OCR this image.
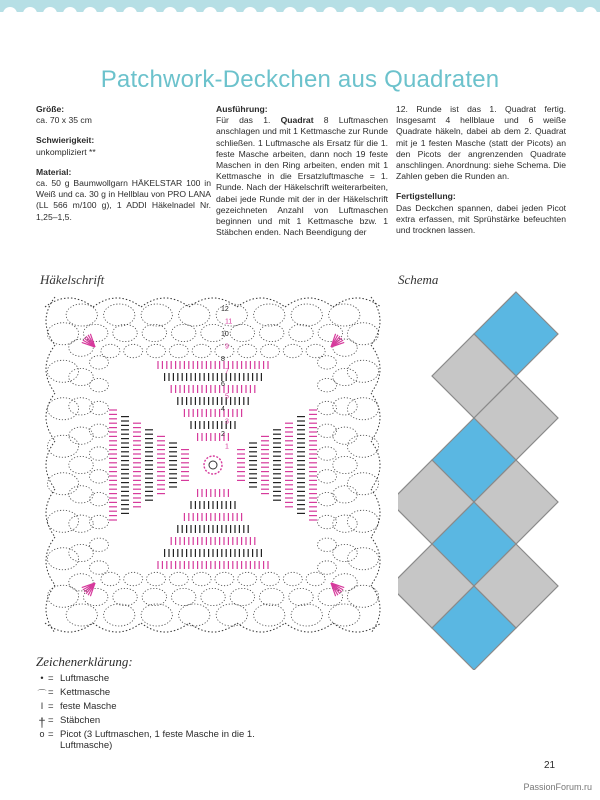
Patchwork-Deckchen aus Quadraten
Größe:
ca. 70 x 35 cm
Schwierigkeit:
unkompliziert **
Material:
ca. 50 g Baumwollgarn HÄKELSTAR 100 in Weiß und ca. 30 g in Hellblau von PRO LANA (LL 566 m/100 g), 1 ADDI Häkelnadel Nr. 1,25–1,5.
Ausführung:
Für das 1. Quadrat 8 Luftmaschen anschlagen und mit 1 Kettmasche zur Runde schließen. 1 Luftmasche als Ersatz für die 1. feste Masche arbeiten, dann noch 19 feste Maschen in den Ring arbeiten, enden mit 1 Kettmasche in die Ersatzluftmasche = 1. Runde. Nach der Häkelschrift weiterarbeiten, dabei jede Runde mit der in der Häkelschrift gezeichneten Anzahl von Luftmaschen beginnen und mit 1 Kettmasche bzw. 1 Stäbchen enden. Nach Beendigung der
12. Runde ist das 1. Quadrat fertig. Insgesamt 4 hellblaue und 6 weiße Quadrate häkeln, dabei ab dem 2. Quadrat mit je 1 festen Masche (statt der Picots) an den Picots der angrenzenden Quadrate anschlingen. Anordnung: siehe Schema. Die Zahlen geben die Runden an.
Fertigstellung:
Das Deckchen spannen, dabei jeden Picot extra erfassen, mit Sprühstärke befeuchten und trocknen lassen.
Häkelschrift	Schema
12
11
10
9
8
7
6
5
4
3
2
1
Zeichenerklärung:
• = Luftmasche
⌒ = Kettmasche
I = feste Masche
† = Stäbchen
o = Picot (3 Luftmaschen, 1 feste Masche in die 1. Luftmasche)
21
PassionForum.ru
